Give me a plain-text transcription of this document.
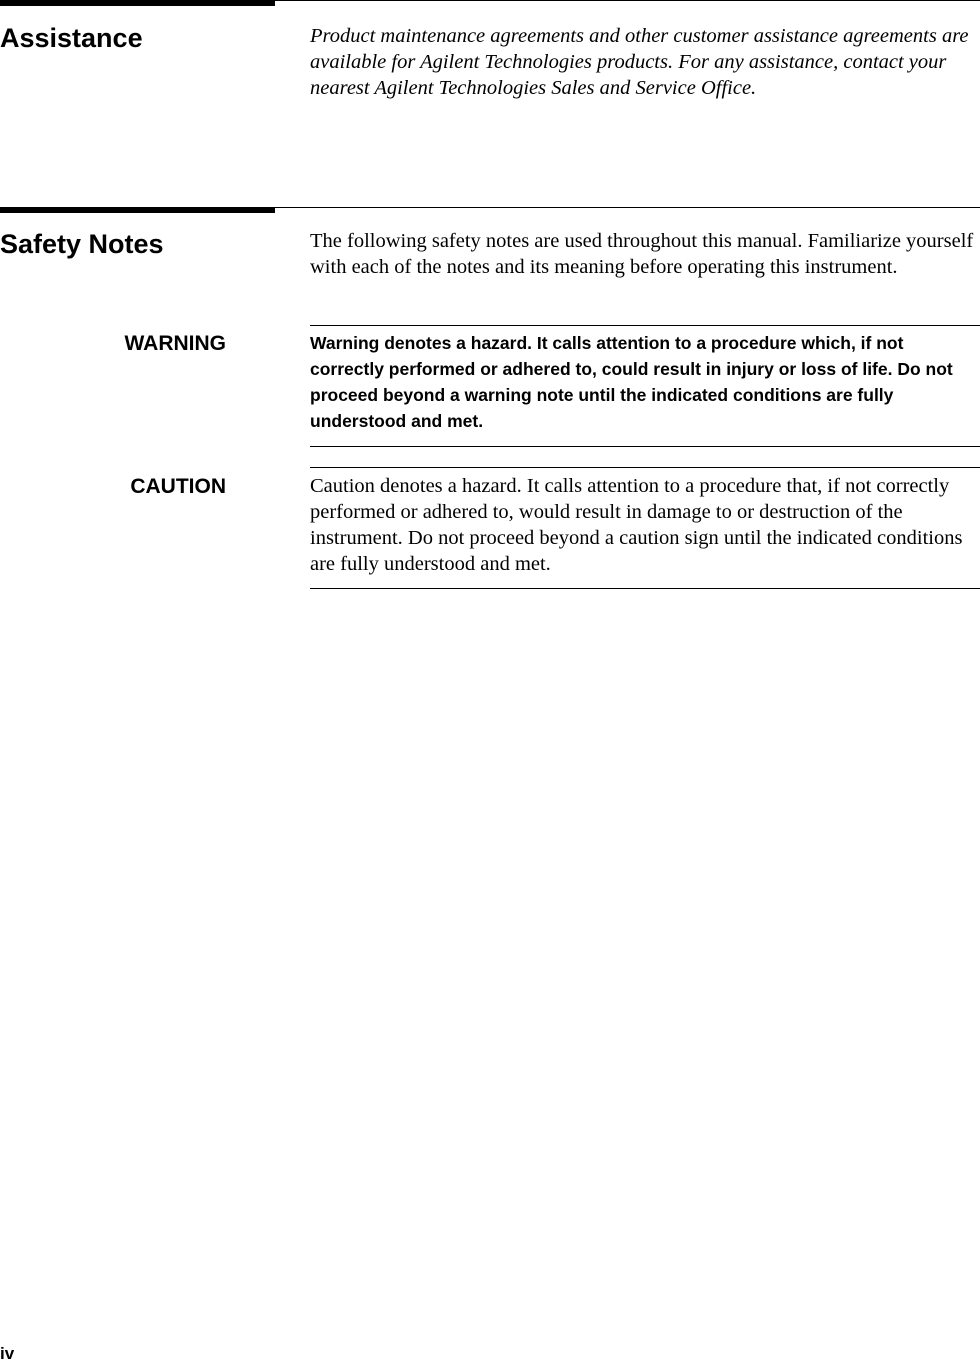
Assistance	Product maintenance agreements and other customer assistance agreements are available for Agilent Technologies products. For any assistance, contact your nearest Agilent Technologies Sales and Service Office.

Safety Notes	The following safety notes are used throughout this manual. Familiarize yourself with each of the notes and its meaning before operating this instrument.

WARNING	Warning denotes a hazard. It calls attention to a procedure which, if not correctly performed or adhered to, could result in injury or loss of life. Do not proceed beyond a warning note until the indicated conditions are fully understood and met.

CAUTION	Caution denotes a hazard. It calls attention to a procedure that, if not correctly performed or adhered to, would result in damage to or destruction of the instrument. Do not proceed beyond a caution sign until the indicated conditions are fully understood and met.

iv
